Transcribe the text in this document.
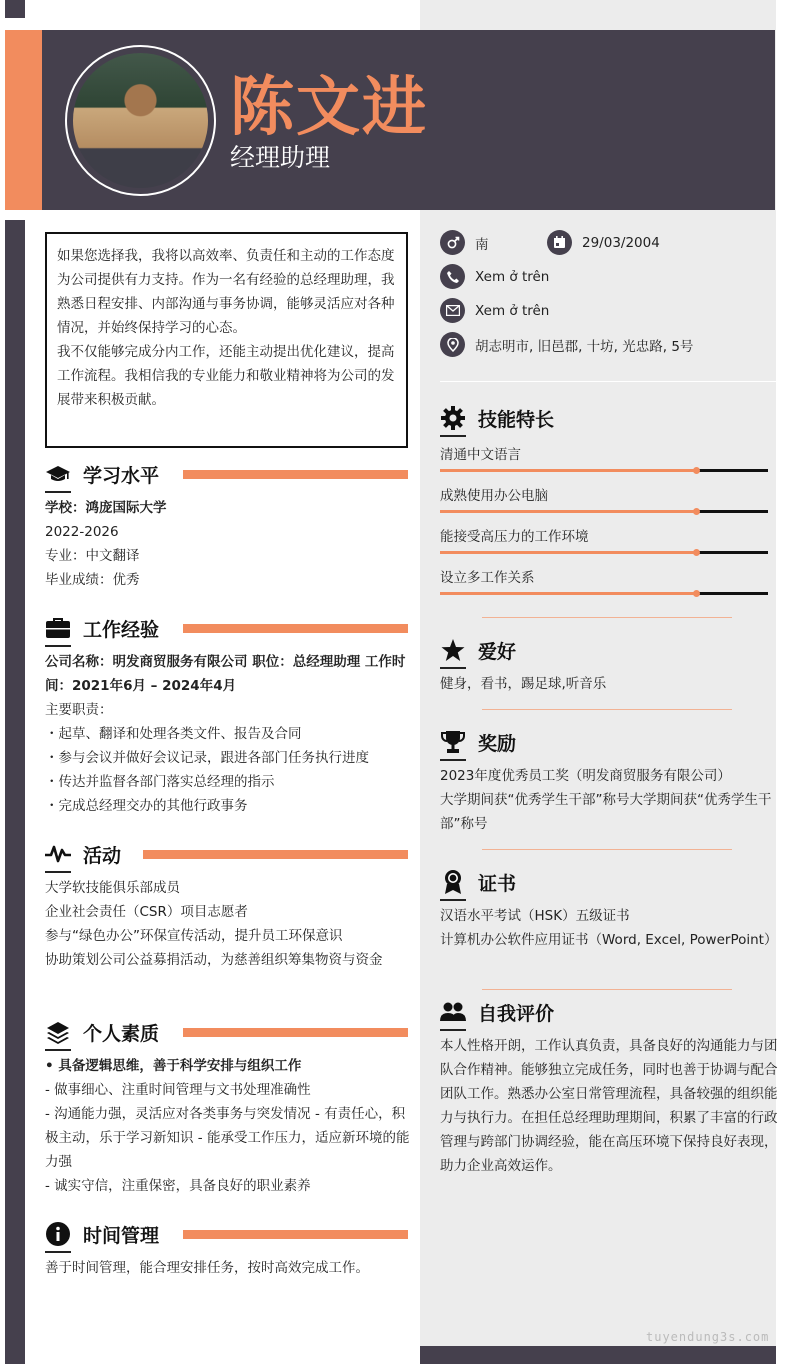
陈文进
经理助理

如果您选择我，我将以高效率、负责任和主动的工作态度为公司提供有力支持。作为一名有经验的总经理助理，我熟悉日程安排、内部沟通与事务协调，能够灵活应对各种情况，并始终保持学习的心态。

我不仅能够完成分内工作，还能主动提出优化建议，提高工作流程。我相信我的专业能力和敬业精神将为公司的发展带来积极贡献。

学习水平
学校：鸿庞国际大学
2022-2026
专业：中文翻译
毕业成绩：优秀
工作经验
公司名称：明发商贸服务有限公司 职位：总经理助理 工作时间：2021年6月 – 2024年4月
主要职责：
・起草、翻译和处理各类文件、报告及合同
・参与会议并做好会议记录，跟进各部门任务执行进度
・传达并监督各部门落实总经理的指示
・完成总经理交办的其他行政事务
活动
大学软技能俱乐部成员
企业社会责任（CSR）项目志愿者
参与“绿色办公”环保宣传活动，提升员工环保意识
协助策划公司公益募捐活动，为慈善组织筹集物资与资金
个人素质
• 具备逻辑思维，善于科学安排与组织工作
- 做事细心、注重时间管理与文书处理准确性
- 沟通能力强，灵活应对各类事务与突发情况 - 有责任心，积极主动，乐于学习新知识 - 能承受工作压力，适应新环境的能力强
- 诚实守信，注重保密，具备良好的职业素养
时间管理
善于时间管理，能合理安排任务，按时高效完成工作。
南	29/03/2004
Xem ở trên
Xem ở trên
胡志明市, 旧邑郡, 十坊, 光忠路, 5号
技能特长
清通中文语言
成熟使用办公电脑
能接受高压力的工作环境
设立多工作关系
爱好
健身，看书，踢足球,听音乐
奖励
2023年度优秀员工奖（明发商贸服务有限公司）
大学期间获“优秀学生干部”称号大学期间获“优秀学生干部”称号
证书
汉语水平考试（HSK）五级证书
计算机办公软件应用证书（Word, Excel, PowerPoint）
自我评价
本人性格开朗，工作认真负责，具备良好的沟通能力与团队合作精神。能够独立完成任务，同时也善于协调与配合团队工作。熟悉办公室日常管理流程，具备较强的组织能力与执行力。在担任总经理助理期间，积累了丰富的行政管理与跨部门协调经验，能在高压环境下保持良好表现，助力企业高效运作。
tuyendung3s.com
